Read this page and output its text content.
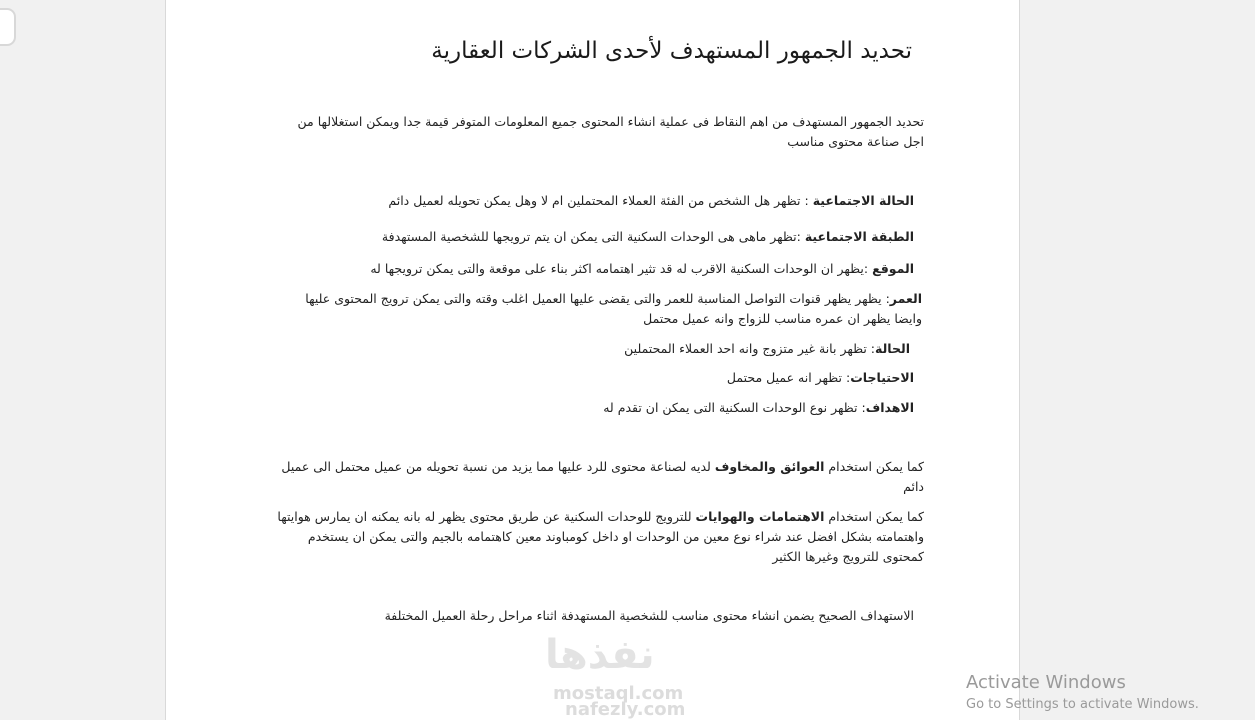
تحديد الجمهور المستهدف لأحدى الشركات العقارية
تحديد الجمهور المستهدف من اهم النقاط فى عملية انشاء المحتوى جميع المعلومات المتوفر قيمة جدا ويمكن استغلالها من اجل صناعة محتوى مناسب
الحالة الاجتماعية : تظهر هل الشخص من الفئة العملاء المحتملين ام لا وهل يمكن تحويله لعميل دائم
الطبقة الاجتماعية :تظهر ماهى هى الوحدات السكنية التى يمكن ان يتم ترويجها للشخصية المستهدفة
الموقع :يظهر ان الوحدات السكنية الاقرب له قد تثير اهتمامه اكثر بناء على موقعة والتى يمكن ترويجها له
العمر: يظهر يظهر قنوات التواصل المناسبة للعمر والتى يقضى عليها العميل اغلب وقته والتى يمكن ترويج المحتوى عليها وايضا يظهر ان عمره مناسب للزواج وانه عميل محتمل
الحالة: تظهر بانة غير متزوج وانه احد العملاء المحتملين
الاحتياجات: تظهر انه عميل محتمل
الاهداف: تظهر نوع الوحدات السكنية التى يمكن ان تقدم له
كما يمكن استخدام العوائق والمخاوف لديه لصناعة محتوى للرد عليها مما يزيد من نسبة تحويله من عميل محتمل الى عميل دائم
كما يمكن استخدام الاهتمامات والهوايات للترويج للوحدات السكنية عن طريق محتوى يظهر له بانه يمكنه ان يمارس هوايتها واهتمامته بشكل افضل عند شراء نوع معين من الوحدات او داخل كومباوند معين كاهتمامه بالجيم والتى يمكن ان يستخدم كمحتوى للترويج وغيرها الكثير
الاستهداف الصحيح يضمن انشاء محتوى مناسب للشخصية المستهدفة اثناء مراحل رحلة العميل المختلفة
نفذها
mostaql.com
nafezly.com
Activate Windows
Go to Settings to activate Windows.
